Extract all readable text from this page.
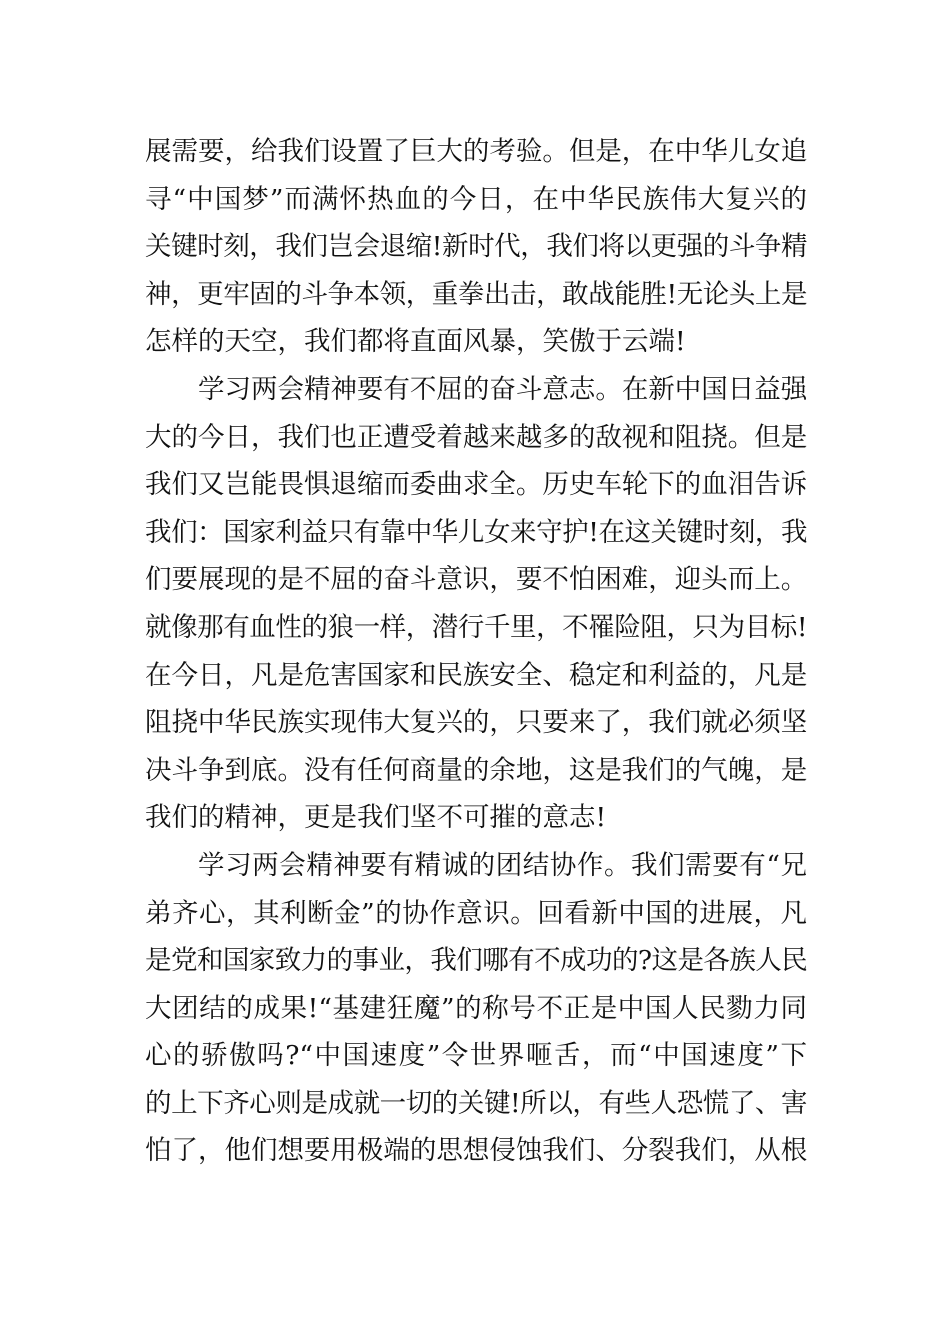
展需要，给我们设置了巨大的考验。但是，在中华儿女追
寻“中国梦”而满怀热血的今日，在中华民族伟大复兴的
关键时刻，我们岂会退缩!新时代，我们将以更强的斗争精
神，更牢固的斗争本领，重拳出击，敢战能胜!无论头上是
怎样的天空，我们都将直面风暴，笑傲于云端!

学习两会精神要有不屈的奋斗意志。在新中国日益强
大的今日，我们也正遭受着越来越多的敌视和阻挠。但是
我们又岂能畏惧退缩而委曲求全。历史车轮下的血泪告诉
我们：国家利益只有靠中华儿女来守护!在这关键时刻，我
们要展现的是不屈的奋斗意识，要不怕困难，迎头而上。
就像那有血性的狼一样，潜行千里，不罹险阻，只为目标!
在今日，凡是危害国家和民族安全、稳定和利益的，凡是
阻挠中华民族实现伟大复兴的，只要来了，我们就必须坚
决斗争到底。没有任何商量的余地，这是我们的气魄，是
我们的精神，更是我们坚不可摧的意志!

学习两会精神要有精诚的团结协作。我们需要有“兄
弟齐心，其利断金”的协作意识。回看新中国的进展，凡
是党和国家致力的事业，我们哪有不成功的?这是各族人民
大团结的成果!“基建狂魔”的称号不正是中国人民勠力同
心的骄傲吗?“中国速度”令世界咂舌，而“中国速度”下
的上下齐心则是成就一切的关键!所以，有些人恐慌了、害
怕了，他们想要用极端的思想侵蚀我们、分裂我们，从根
